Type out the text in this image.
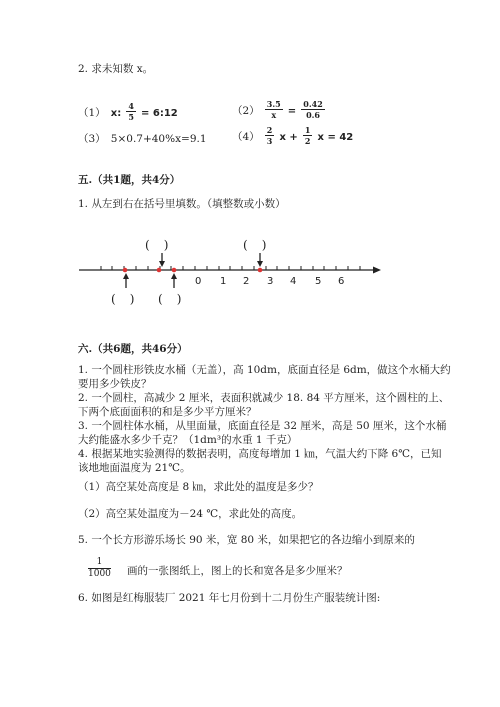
2. 求未知数 x。
（1） x: $\frac{4}{5}$ = 6:12	$(2) \frac{3.5}{x} = \frac{0.42}{0.6}$
（3） 5×0.7+40%x=9.1 $(4) \frac{2}{3}$ $x + \frac{1}{2}$ x = 42
五.（共1题，共4分）
1. 从左到右在括号里填数。（填整数或小数）
0 1 2 3 4 5 6
( )	( )
( ) ( )
六.（共6题，共46分）
1. 一个圆柱形铁皮水桶（无盖），高 10dm，底面直径是 6dm，做这个水桶大约
要用多少铁皮？
2. 一个圆柱，高减少 2 厘米，表面积就减少 18. 84 平方厘米，这个圆柱的上、
下两个底面面积的和是多少平方厘米？
3. 一个圆柱体水桶，从里面量，底面直径是 32 厘米，高是 50 厘米，这个水桶
大约能盛水多少千克？（1dm³的水重 1 千克）
4. 根据某地实验测得的数据表明，高度每增加 1 ㎞，气温大约下降 6℃，已知
该地地面温度为 21℃。
（1）高空某处高度是 8 ㎞，求此处的温度是多少？
（2）高空某处温度为－24 ℃，求此处的高度。
5. 一个长方形游乐场长 90 米，宽 80 米，如果把它的各边缩小到原来的
$\frac{1}{1000}$ 画的一张图纸上，图上的长和宽各是多少厘米？
6. 如图是红梅服装厂 2021 年七月份到十二月份生产服装统计图:
